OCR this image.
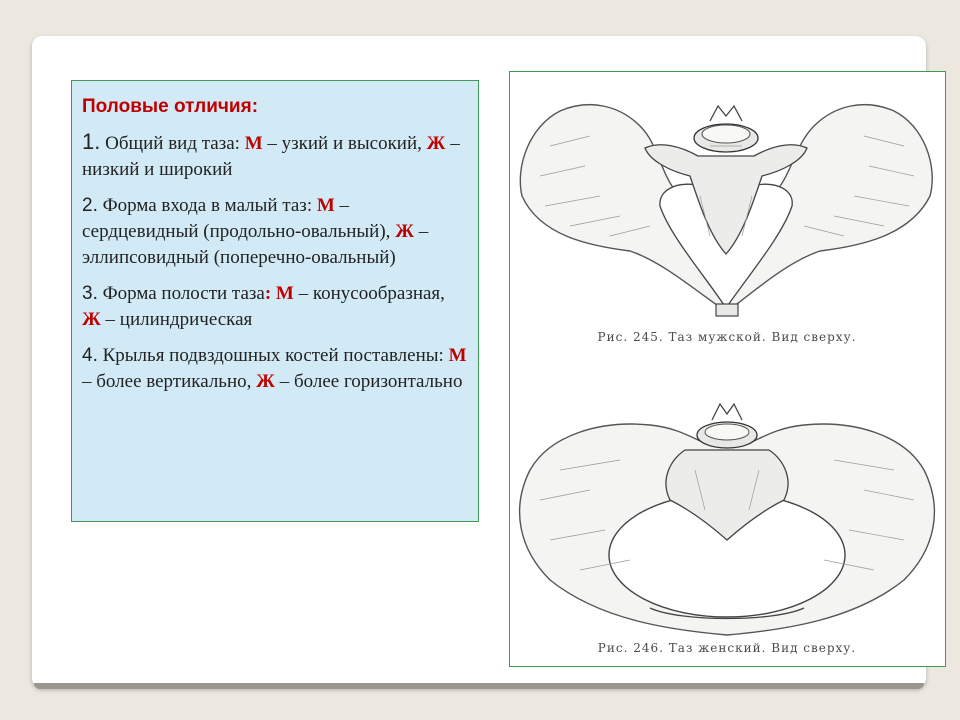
Половые отличия:
1. Общий вид таза: М – узкий и высокий, Ж – низкий и широкий
2. Форма входа в малый таз: М – сердцевидный (продольно-овальный), Ж – эллипсовидный (поперечно-овальный)
3. Форма полости таза: М – конусообразная, Ж – цилиндрическая
4. Крылья подвздошных костей поставлены: М – более вертикально, Ж – более горизонтально
Рис. 245. Таз мужской. Вид сверху.
Рис. 246. Таз женский. Вид сверху.
